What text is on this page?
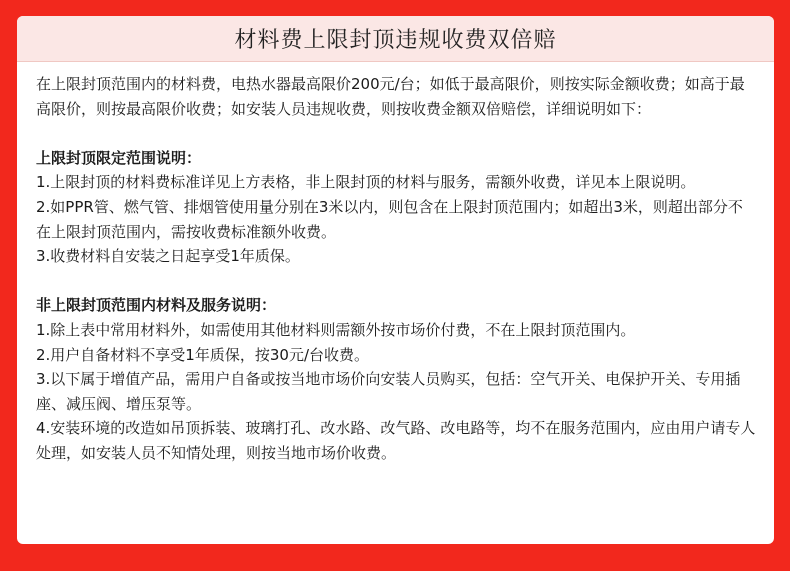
材料费上限封顶违规收费双倍赔

在上限封顶范围内的材料费，电热水器最高限价200元/台；如低于最高限价，则按实际金额收费；如高于最高限价，则按最高限价收费；如安装人员违规收费，则按收费金额双倍赔偿，详细说明如下：

上限封顶限定范围说明：

1.上限封顶的材料费标准详见上方表格，非上限封顶的材料与服务，需额外收费，详见本上限说明。

2.如PPR管、燃气管、排烟管使用量分别在3米以内，则包含在上限封顶范围内；如超出3米，则超出部分不在上限封顶范围内，需按收费标准额外收费。

3.收费材料自安装之日起享受1年质保。

非上限封顶范围内材料及服务说明：

1.除上表中常用材料外，如需使用其他材料则需额外按市场价付费，不在上限封顶范围内。

2.用户自备材料不享受1年质保，按30元/台收费。

3.以下属于增值产品，需用户自备或按当地市场价向安装人员购买，包括：空气开关、电保护开关、专用插座、减压阀、增压泵等。

4.安装环境的改造如吊顶拆装、玻璃打孔、改水路、改气路、改电路等，均不在服务范围内，应由用户请专人处理，如安装人员不知情处理，则按当地市场价收费。
